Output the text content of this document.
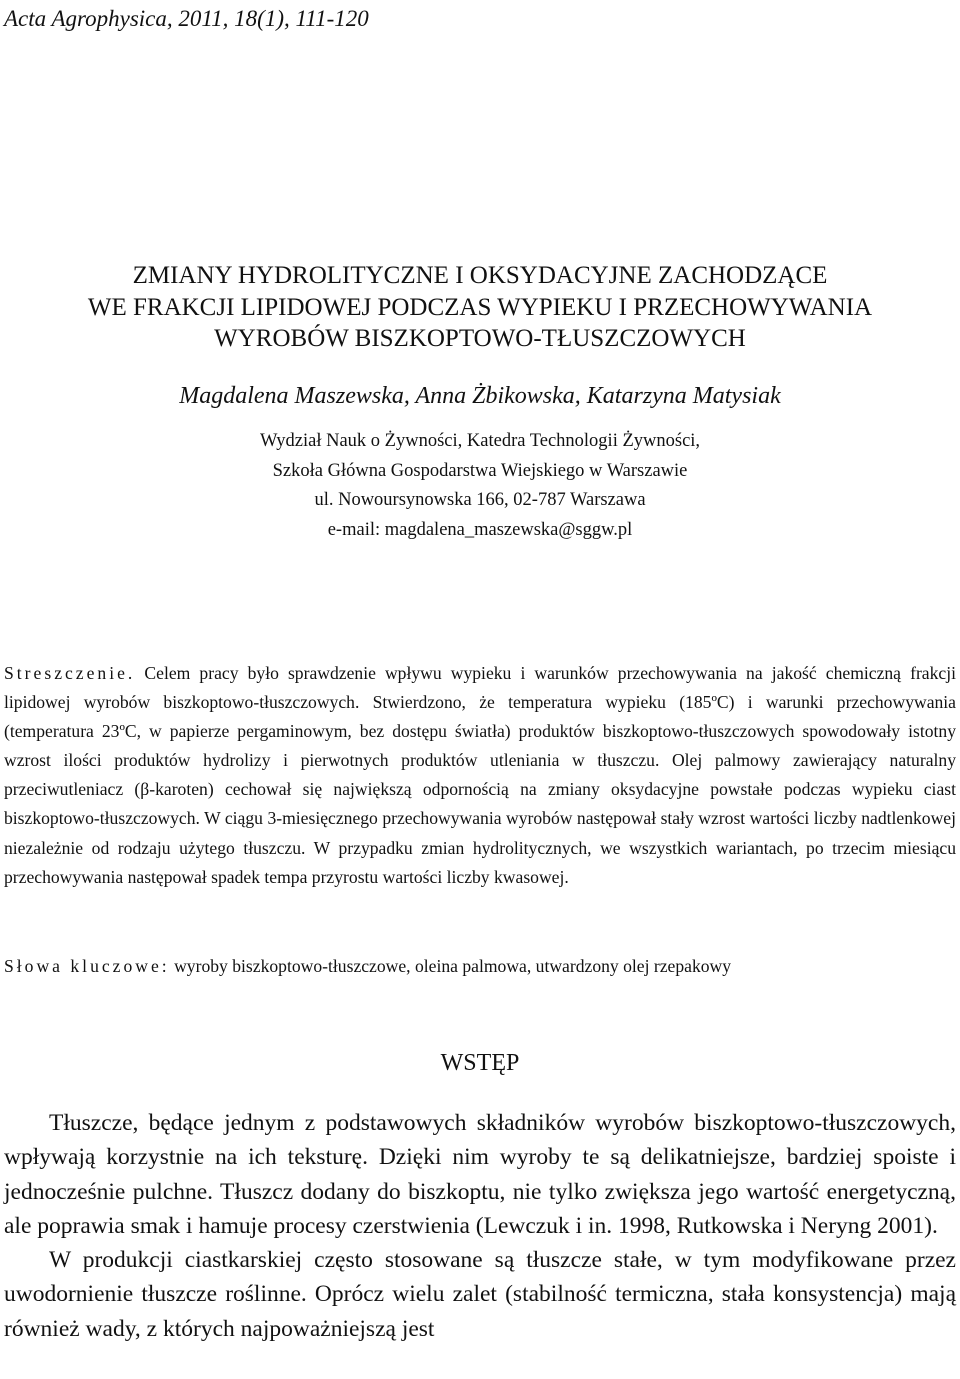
Acta Agrophysica, 2011, 18(1), 111-120

ZMIANY HYDROLITYCZNE I OKSYDACYJNE ZACHODZĄCE
WE FRAKCJI LIPIDOWEJ PODCZAS WYPIEKU I PRZECHOWYWANIA
WYROBÓW BISZKOPTOWO-TŁUSZCZOWYCH

Magdalena Maszewska, Anna Żbikowska, Katarzyna Matysiak

Wydział Nauk o Żywności, Katedra Technologii Żywności,
Szkoła Główna Gospodarstwa Wiejskiego w Warszawie
ul. Nowoursynowska 166, 02-787 Warszawa
e-mail: magdalena_maszewska@sggw.pl

Streszczenie. Celem pracy było sprawdzenie wpływu wypieku i warunków przechowywania na jakość chemiczną frakcji lipidowej wyrobów biszkoptowo-tłuszczowych. Stwierdzono, że temperatura wypieku (185ºC) i warunki przechowywania (temperatura 23ºC, w papierze pergaminowym, bez dostępu światła) produktów biszkoptowo-tłuszczowych spowodowały istotny wzrost ilości produktów hydrolizy i pierwotnych produktów utleniania w tłuszczu. Olej palmowy zawierający naturalny przeciwutleniacz (β-karoten) cechował się największą odpornością na zmiany oksydacyjne powstałe podczas wypieku ciast biszkoptowo-tłuszczowych. W ciągu 3-miesięcznego przechowywania wyrobów następował stały wzrost wartości liczby nadtlenkowej niezależnie od rodzaju użytego tłuszczu. W przypadku zmian hydrolitycznych, we wszystkich wariantach, po trzecim miesiącu przechowywania następował spadek tempa przyrostu wartości liczby kwasowej.

Słowa kluczowe: wyroby biszkoptowo-tłuszczowe, oleina palmowa, utwardzony olej rzepakowy

WSTĘP

Tłuszcze, będące jednym z podstawowych składników wyrobów biszkoptowo-tłuszczowych, wpływają korzystnie na ich teksturę. Dzięki nim wyroby te są delikatniejsze, bardziej spoiste i jednocześnie pulchne. Tłuszcz dodany do biszkoptu, nie tylko zwiększa jego wartość energetyczną, ale poprawia smak i hamuje procesy czerstwienia (Lewczuk i in. 1998, Rutkowska i Neryng 2001).

W produkcji ciastkarskiej często stosowane są tłuszcze stałe, w tym modyfikowane przez uwodornienie tłuszcze roślinne. Oprócz wielu zalet (stabilność termiczna, stała konsystencja) mają również wady, z których najpoważniejszą jest
